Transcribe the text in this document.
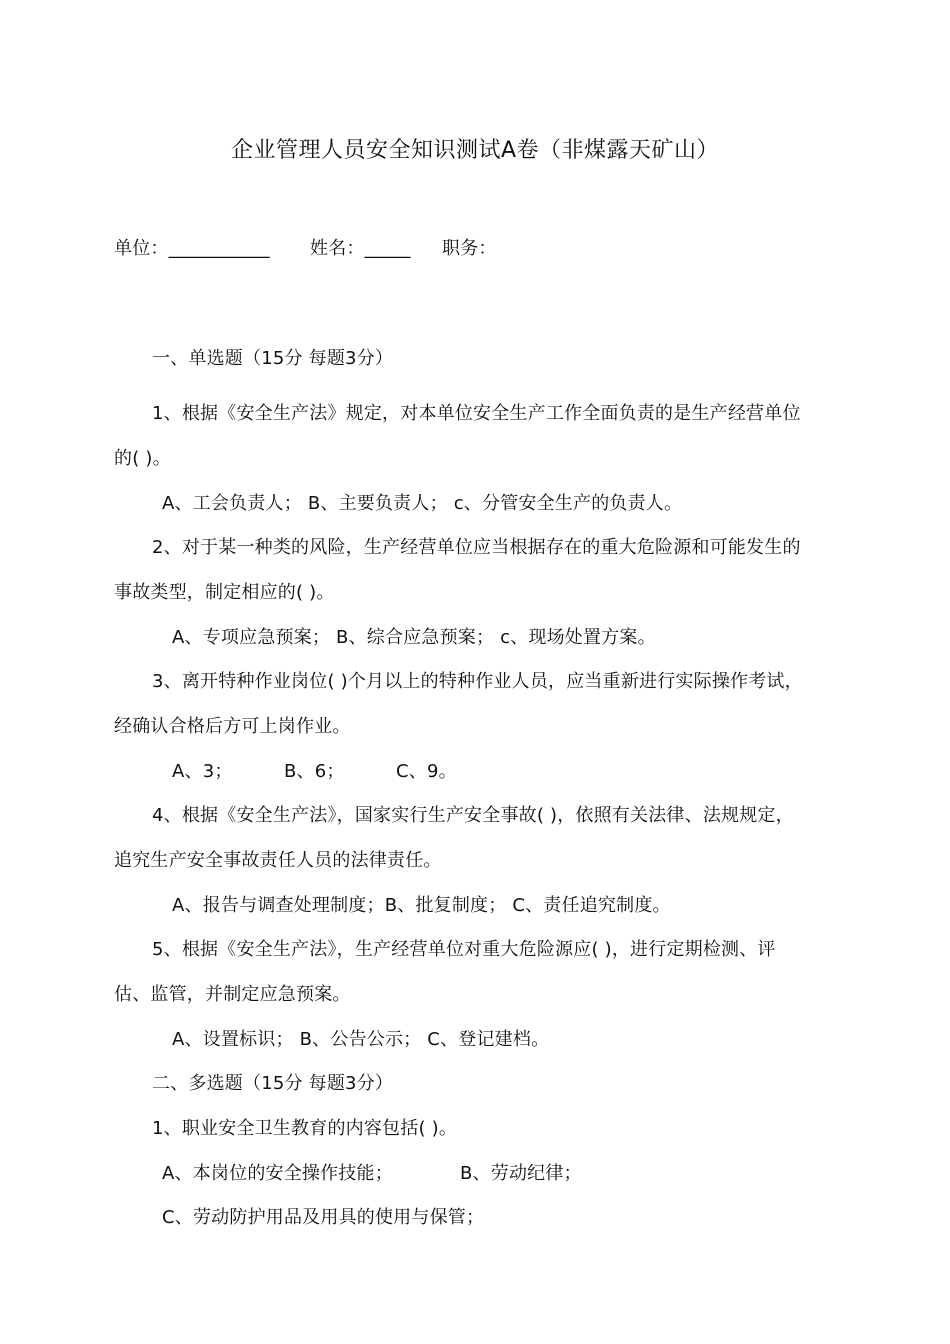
企业管理人员安全知识测试A卷（非煤露天矿山）
单位：___________ 姓名：_____ 职务：
一、单选题（15分 每题3分）
1、根据《安全生产法》规定，对本单位安全生产工作全面负责的是生产经营单位
的( )。
A、工会负责人； B、主要负责人； c、分管安全生产的负责人。
2、对于某一种类的风险，生产经营单位应当根据存在的重大危险源和可能发生的
事故类型，制定相应的( )。
A、专项应急预案； B、综合应急预案； c、现场处置方案。
3、离开特种作业岗位( )个月以上的特种作业人员，应当重新进行实际操作考试，
经确认合格后方可上岗作业。
A、3；	B、6；	C、9。
4、根据《安全生产法》，国家实行生产安全事故( )，依照有关法律、法规规定，
追究生产安全事故责任人员的法律责任。
A、报告与调查处理制度；B、批复制度； C、责任追究制度。
5、根据《安全生产法》，生产经营单位对重大危险源应( )，进行定期检测、评
估、监管，并制定应急预案。
A、设置标识； B、公告公示； C、登记建档。
二、多选题（15分 每题3分）
1、职业安全卫生教育的内容包括( )。
A、本岗位的安全操作技能；	B、劳动纪律；
C、劳动防护用品及用具的使用与保管；
